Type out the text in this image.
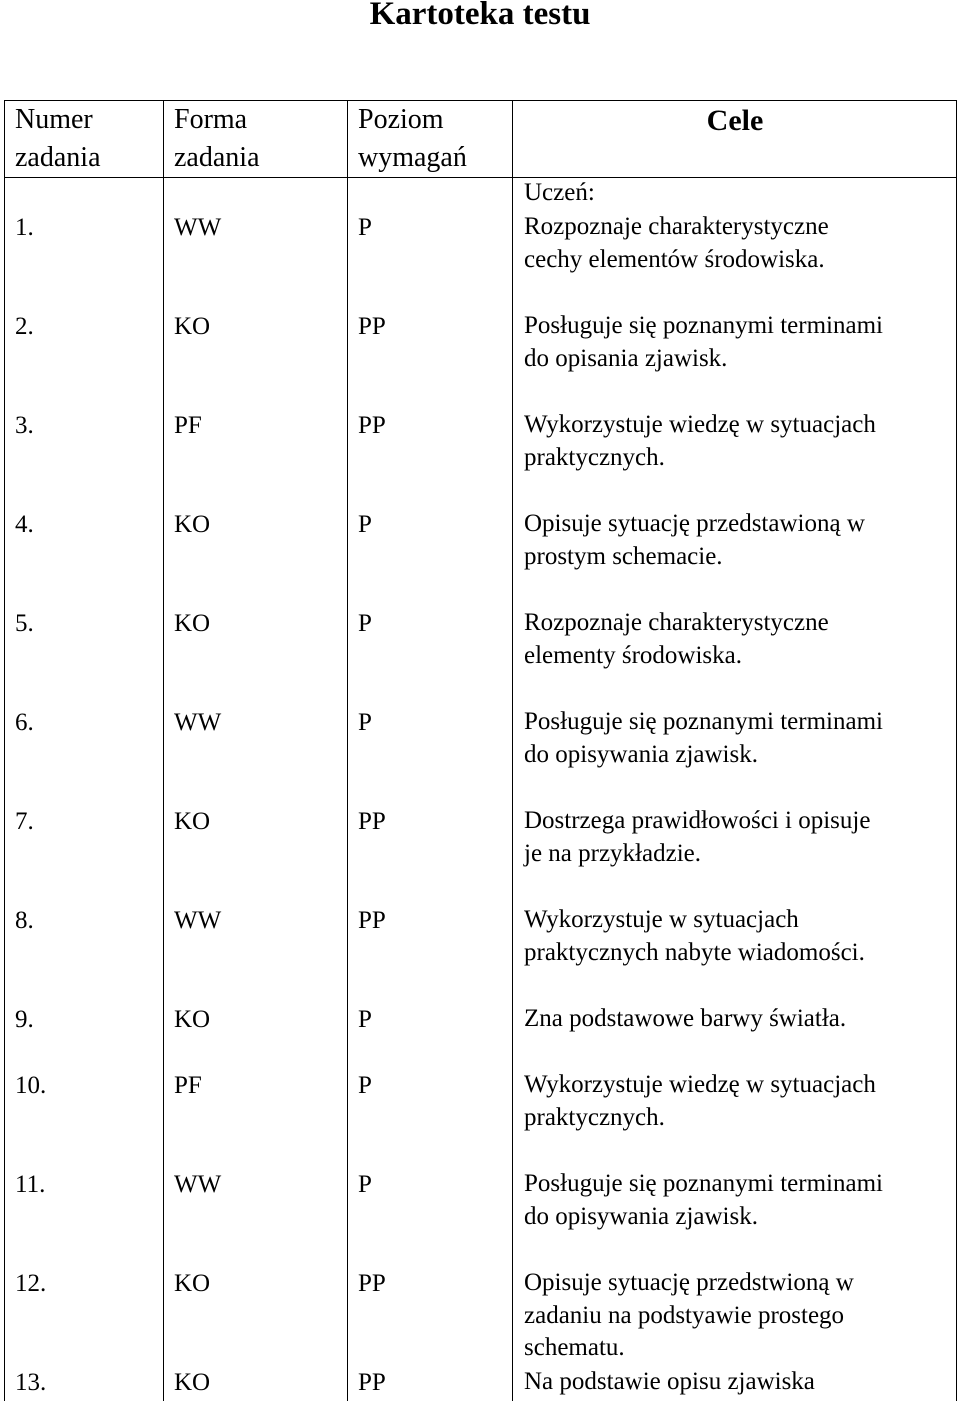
Kartoteka testu
Numer zadania
Forma zadania
Poziom wymagań
Cele
Uczeń:
1.	WW	P	Rozpoznaje charakterystyczne
cechy elementów środowiska.
2.	KO	PP	Posługuje się poznanymi terminami
do opisania zjawisk.
3.	PF	PP	Wykorzystuje wiedzę w sytuacjach
praktycznych.
4.	KO	P	Opisuje sytuację przedstawioną w
prostym schemacie.
5.	KO	P	Rozpoznaje charakterystyczne
elementy środowiska.
6.	WW	P	Posługuje się poznanymi terminami
do opisywania zjawisk.
7.	KO	PP	Dostrzega prawidłowości i opisuje
je na przykładzie.
8.	WW	PP	Wykorzystuje w sytuacjach
praktycznych nabyte wiadomości.
9.	KO	P	Zna podstawowe barwy światła.
10.	PF	P	Wykorzystuje wiedzę w sytuacjach
praktycznych.
11.	WW	P	Posługuje się poznanymi terminami
do opisywania zjawisk.
12.	KO	PP	Opisuje sytuację przedstwioną w
zadaniu na podstyawie prostego
schematu.
13.	KO	PP	Na podstawie opisu zjawiska
